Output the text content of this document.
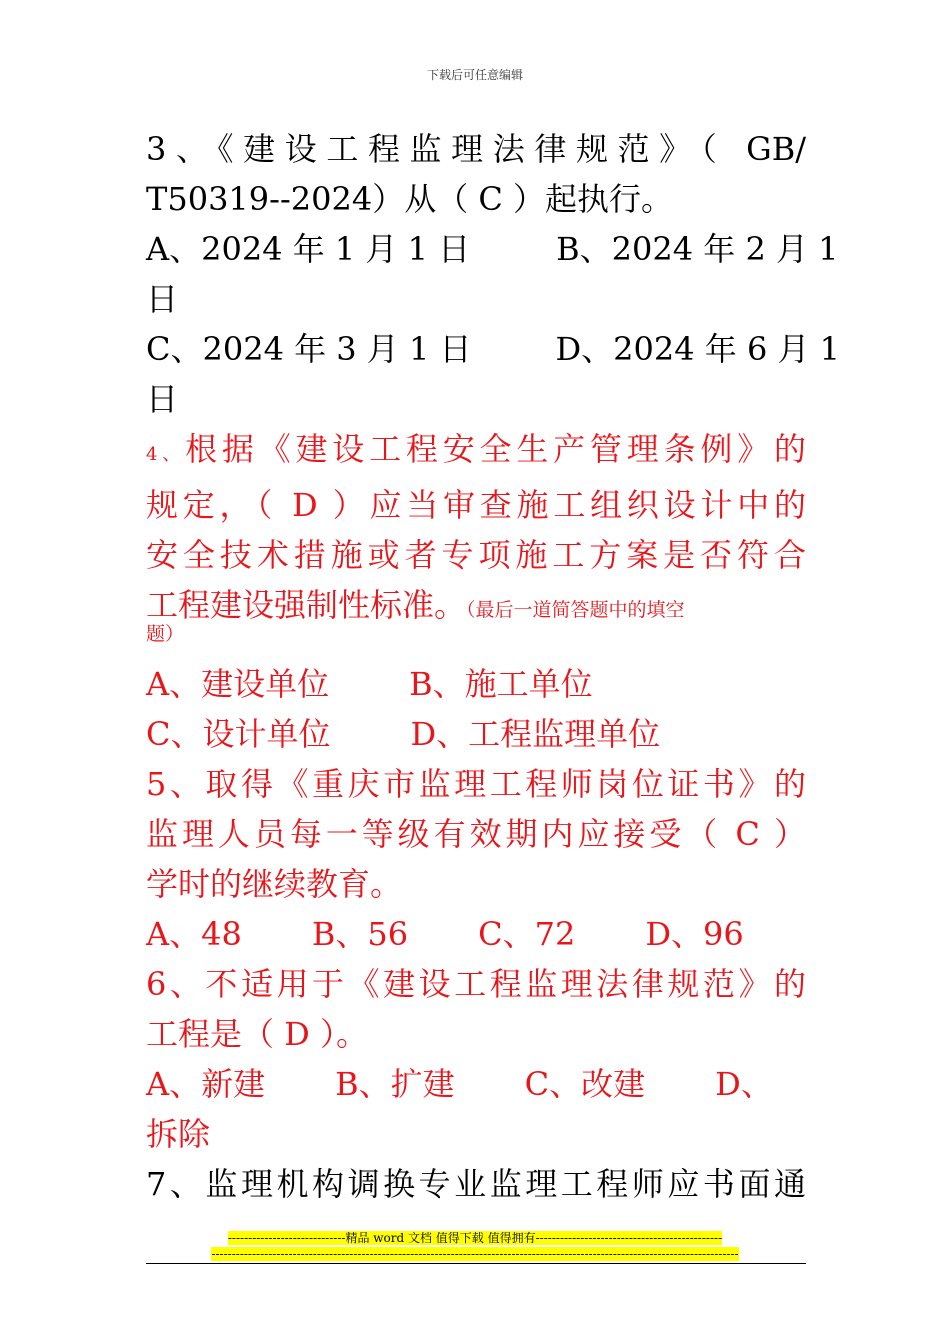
下载后可任意编辑
3、《建设工程监理法律规范》（ GB/
T50319--2024）从（ C ）起执行。
A、2024 年 1 月 1 日	B、2024 年 2 月 1
日
C、2024 年 3 月 1 日	D、2024 年 6 月 1
日
4、根据《建设工程安全生产管理条例》的
规定，（ D ）应当审查施工组织设计中的
安全技术措施或者专项施工方案是否符合
工程建设强制性标准。（最后一道简答题中的填空
题）
A、建设单位	B、施工单位
C、设计单位	D、工程监理单位
5、取得《重庆市监理工程师岗位证书》的
监理人员每一等级有效期内应接受（ C ）
学时的继续教育。
A、48 B、56 C、72 D、96
6、不适用于《建设工程监理法律规范》的
工程是（ D ）。
A、新建 B、扩建 C、改建 D、
拆除
7、监理机构调换专业监理工程师应书面通
-----------------------------精品 word 文档 值得下载 值得拥有----------------------------------------------
----------------------------------------------------------------------------------------------------------------------------------
